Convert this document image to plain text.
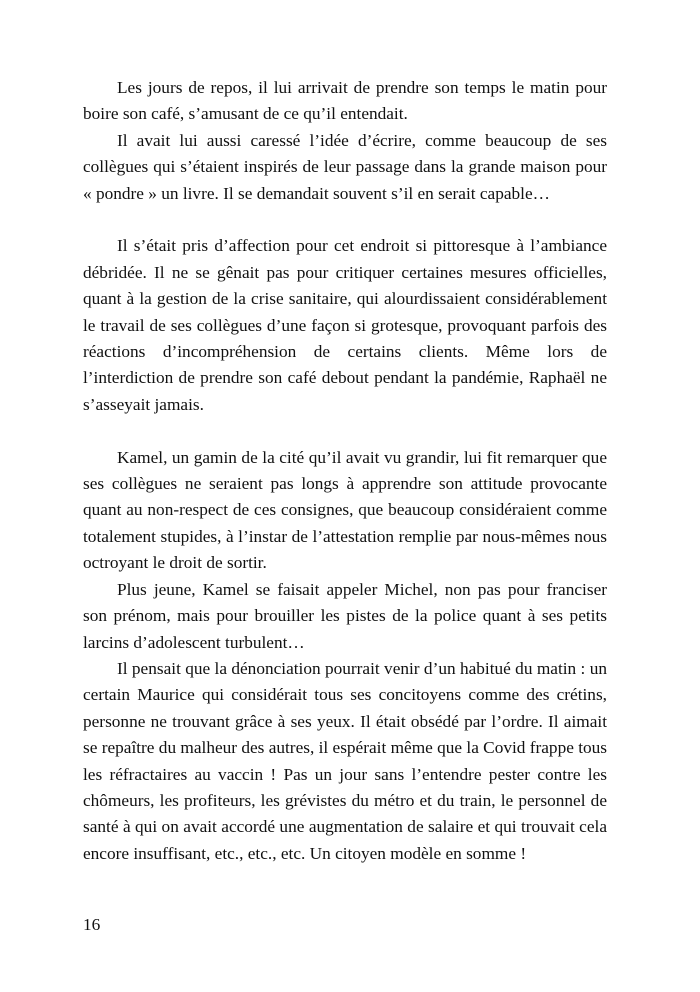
Les jours de repos, il lui arrivait de prendre son temps le matin pour boire son café, s’amusant de ce qu’il entendait.

Il avait lui aussi caressé l’idée d’écrire, comme beaucoup de ses collègues qui s’étaient inspirés de leur passage dans la grande maison pour « pondre » un livre. Il se demandait souvent s’il en serait capable…

Il s’était pris d’affection pour cet endroit si pittoresque à l’ambiance débridée. Il ne se gênait pas pour critiquer certaines mesures officielles, quant à la gestion de la crise sanitaire, qui alourdissaient considérablement le travail de ses collègues d’une façon si grotesque, provoquant parfois des réactions d’incompréhension de certains clients. Même lors de l’interdiction de prendre son café debout pendant la pandémie, Raphaël ne s’asseyait jamais.

Kamel, un gamin de la cité qu’il avait vu grandir, lui fit remarquer que ses collègues ne seraient pas longs à apprendre son attitude provocante quant au non-respect de ces consignes, que beaucoup considéraient comme totalement stupides, à l’instar de l’attestation remplie par nous-mêmes nous octroyant le droit de sortir.

Plus jeune, Kamel se faisait appeler Michel, non pas pour franciser son prénom, mais pour brouiller les pistes de la police quant à ses petits larcins d’adolescent turbulent…

Il pensait que la dénonciation pourrait venir d’un habitué du matin : un certain Maurice qui considérait tous ses concitoyens comme des crétins, personne ne trouvant grâce à ses yeux. Il était obsédé par l’ordre. Il aimait se repaître du malheur des autres, il espérait même que la Covid frappe tous les réfractaires au vaccin ! Pas un jour sans l’entendre pester contre les chômeurs, les profiteurs, les grévistes du métro et du train, le personnel de santé à qui on avait accordé une augmentation de salaire et qui trouvait cela encore insuffisant, etc., etc., etc. Un citoyen modèle en somme !

16
